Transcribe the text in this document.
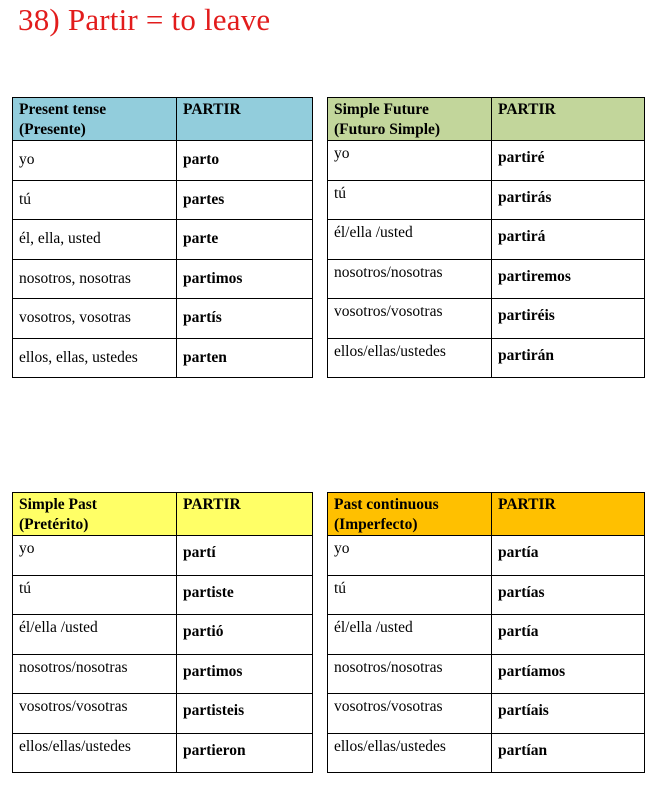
38) Partir = to leave
Present tense
(Presente)	PARTIR
yo	parto
tú	partes
él, ella, usted	parte
nosotros, nosotras	partimos
vosotros, vosotras	partís
ellos, ellas, ustedes	parten
Simple Future
(Futuro Simple)	PARTIR
yo	partiré
tú	partirás
él/ella /usted	partirá
nosotros/nosotras	partiremos
vosotros/vosotras	partiréis
ellos/ellas/ustedes	partirán
Simple Past
(Pretérito)	PARTIR
yo	partí
tú	partiste
él/ella /usted	partió
nosotros/nosotras	partimos
vosotros/vosotras	partisteis
ellos/ellas/ustedes	partieron
Past continuous
(Imperfecto)	PARTIR
yo	partía
tú	partías
él/ella /usted	partía
nosotros/nosotras	partíamos
vosotros/vosotras	partíais
ellos/ellas/ustedes	partían
